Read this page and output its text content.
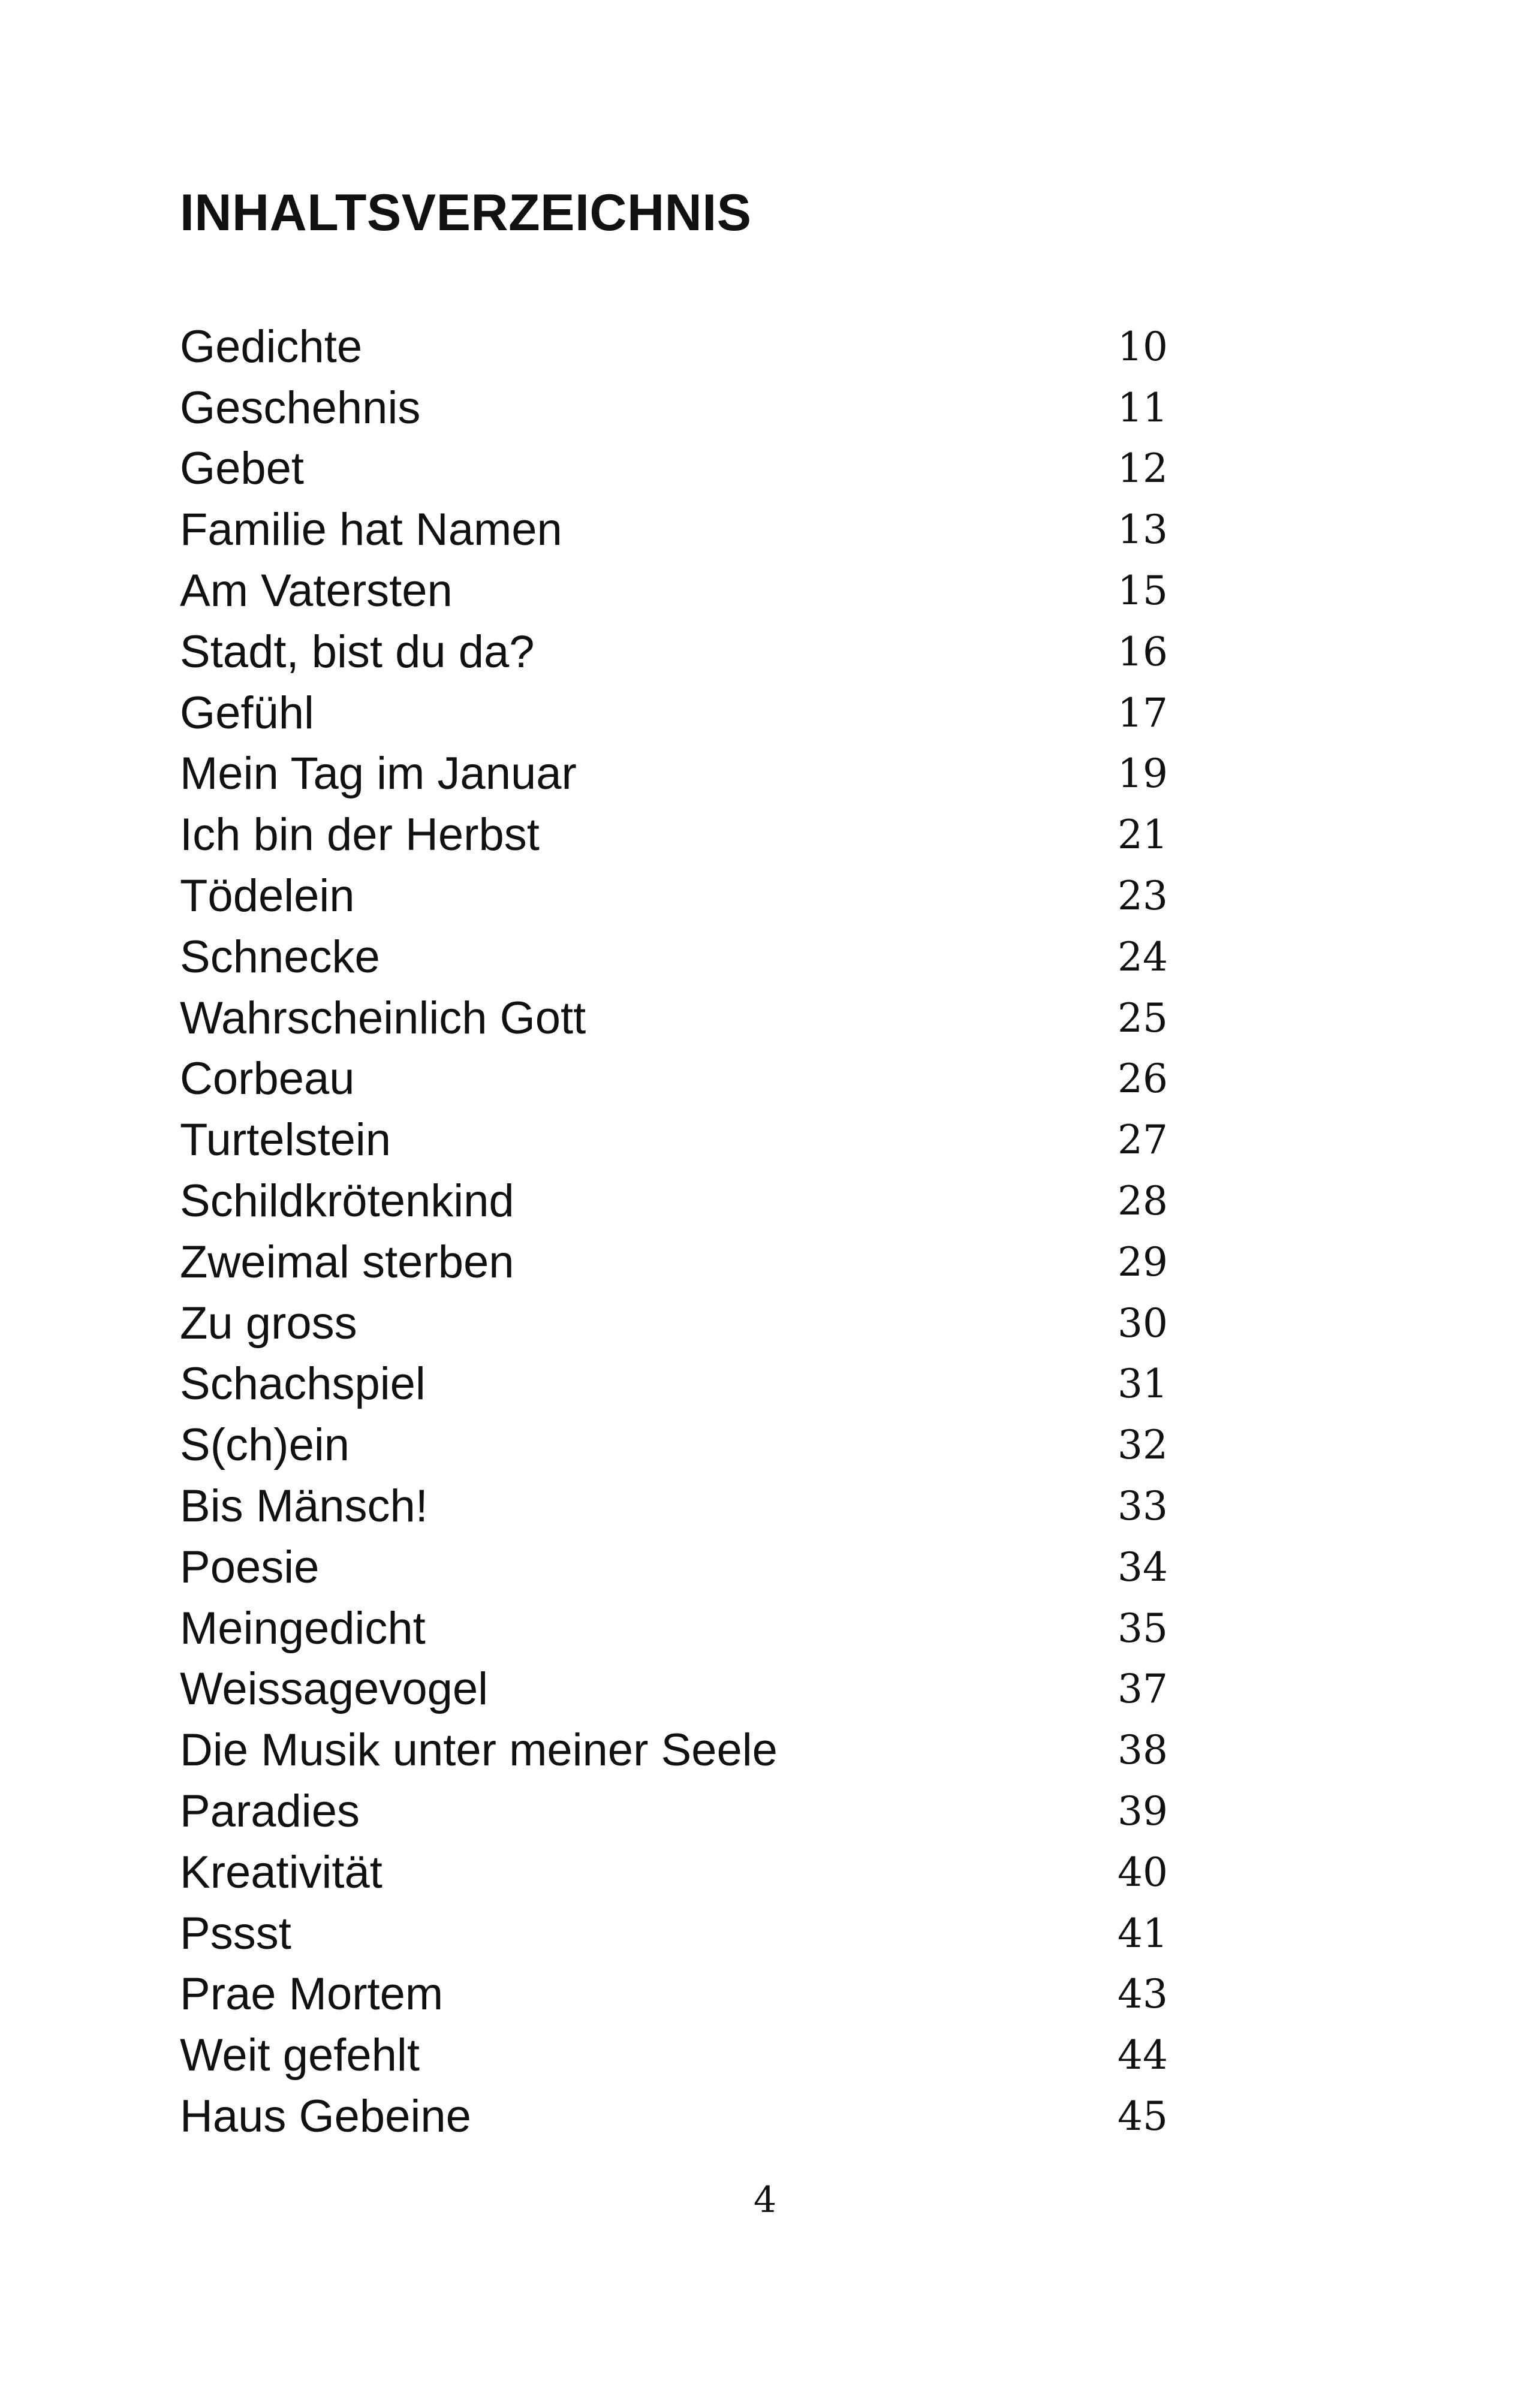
INHALTSVERZEICHNIS
Gedichte	10
Geschehnis	11
Gebet	12
Familie hat Namen	13
Am Vatersten	15
Stadt, bist du da?	16
Gefühl	17
Mein Tag im Januar	19
Ich bin der Herbst	21
Tödelein	23
Schnecke	24
Wahrscheinlich Gott	25
Corbeau	26
Turtelstein	27
Schildkrötenkind	28
Zweimal sterben	29
Zu gross	30
Schachspiel	31
S(ch)ein	32
Bis Mänsch!	33
Poesie	34
Meingedicht	35
Weissagevogel	37
Die Musik unter meiner Seele	38
Paradies	39
Kreativität	40
Pssst	41
Prae Mortem	43
Weit gefehlt	44
Haus Gebeine	45
4
